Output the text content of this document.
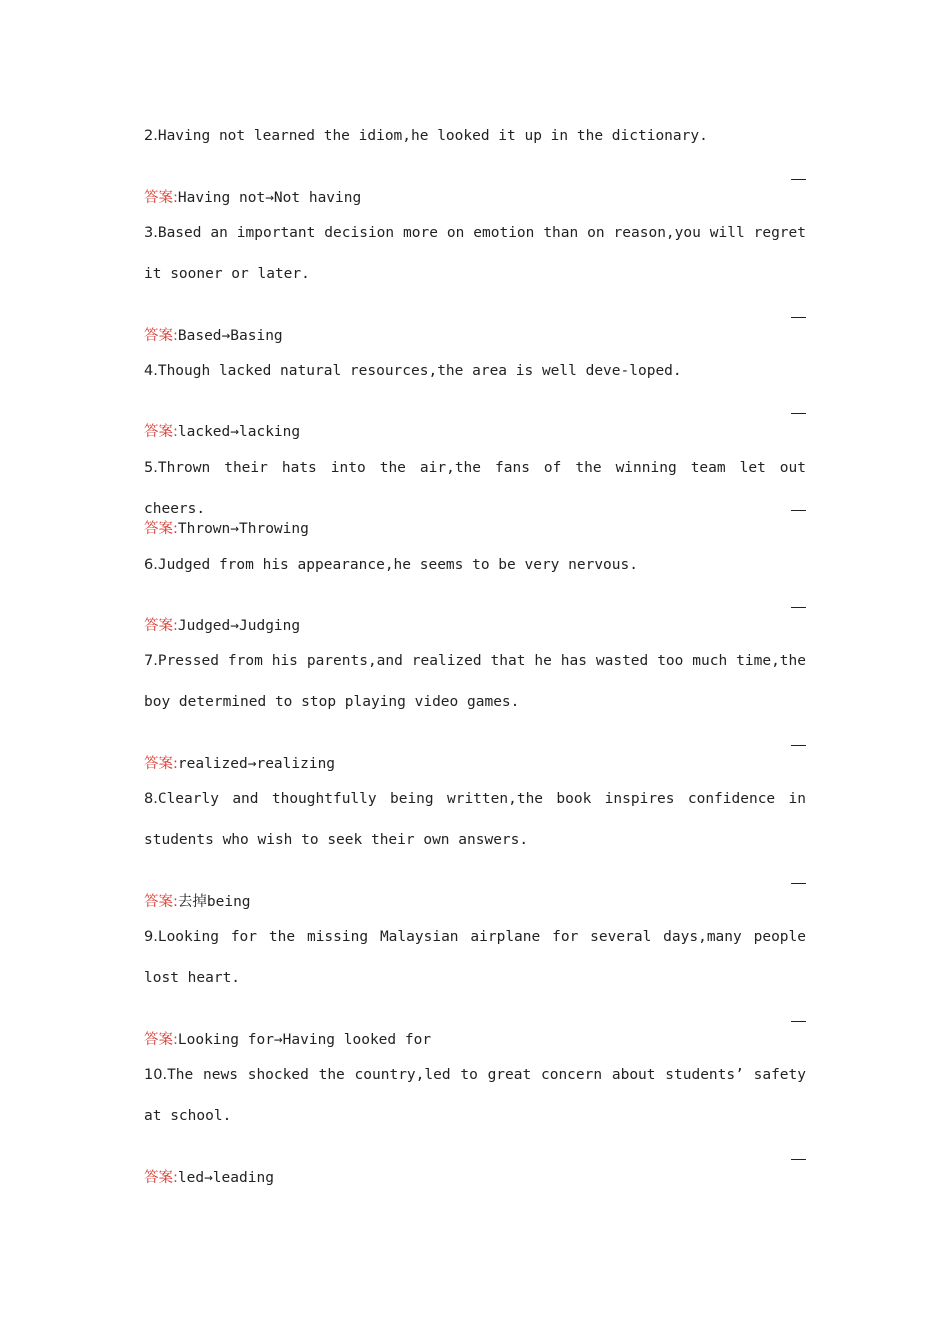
2.Having not learned the idiom,he looked it up in the dictionary.

答案:Having not→Not having

3.Based an important decision more on emotion than on reason,you will regret it sooner or later.

答案:Based→Basing

4.Though lacked natural resources,the area is well deve-loped.

答案:lacked→lacking

5.Thrown their hats into the air,the fans of the winning team let out cheers.

答案:Thrown→Throwing

6.Judged from his appearance,he seems to be very nervous.

答案:Judged→Judging

7.Pressed from his parents,and realized that he has wasted too much time,the boy determined to stop playing video games.

答案:realized→realizing

8.Clearly and thoughtfully being written,the book inspires confidence in students who wish to seek their own answers.

答案:去掉being

9.Looking for the missing Malaysian airplane for several days,many people lost heart.

答案:Looking for→Having looked for

10.The news shocked the country,led to great concern about students’ safety at school.

答案:led→leading
